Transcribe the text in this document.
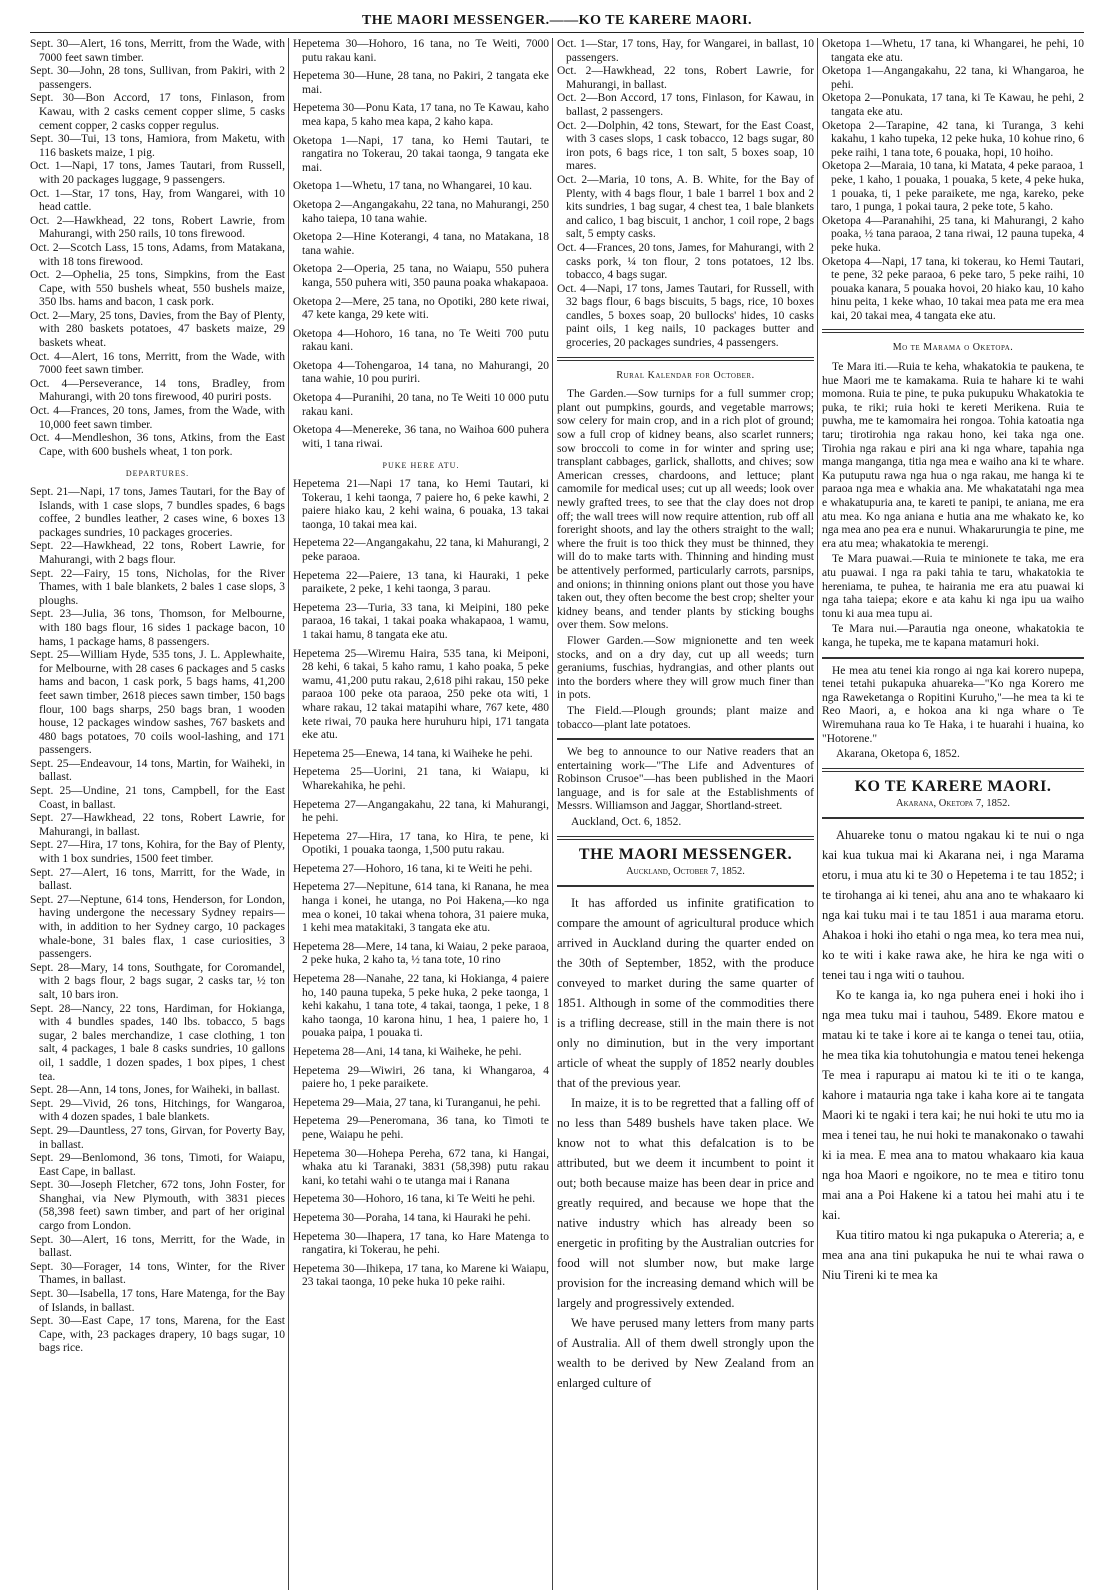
THE MAORI MESSENGER.——KO TE KARERE MAORI.
Sept. 30—Alert, 16 tons, Merritt, from the Wade, with 7000 feet sawn timber.
Sept. 30—John, 28 tons, Sullivan, from Pakiri, with 2 passengers.
Sept. 30—Bon Accord, 17 tons, Finlason, from Kawau, with 2 casks cement copper slime, 5 casks cement copper, 2 casks copper regulus.
Sept. 30—Tui, 13 tons, Hamiora, from Maketu, with 116 baskets maize, 1 pig.
Oct. 1—Napi, 17 tons, James Tautari, from Russell, with 20 packages luggage, 9 passengers.
Oct. 1—Star, 17 tons, Hay, from Wangarei, with 10 head cattle.
Oct. 2—Hawkhead, 22 tons, Robert Lawrie, from Mahurangi, with 250 rails, 10 tons firewood.
Oct. 2—Scotch Lass, 15 tons, Adams, from Matakana, with 18 tons firewood.
Oct. 2—Ophelia, 25 tons, Simpkins, from the East Cape, with 550 bushels wheat, 550 bushels maize, 350 lbs. hams and bacon, 1 cask pork.
Oct. 2—Mary, 25 tons, Davies, from the Bay of Plenty, with 280 baskets potatoes, 47 baskets maize, 29 baskets wheat.
Oct. 4—Alert, 16 tons, Merritt, from the Wade, with 7000 feet sawn timber.
Oct. 4—Perseverance, 14 tons, Bradley, from Mahurangi, with 20 tons firewood, 40 puriri posts.
Oct. 4—Frances, 20 tons, James, from the Wade, with 10,000 feet sawn timber.
Oct. 4—Mendleshon, 36 tons, Atkins, from the East Cape, with 600 bushels wheat, 1 ton pork.
DEPARTURES.
Sept. 21—Napi, 17 tons, James Tautari, for the Bay of Islands, with 1 case slops, 7 bundles spades, 6 bags coffee, 2 bundles leather, 2 cases wine, 6 boxes 13 packages sundries, 10 packages groceries.
Sept. 22—Hawkhead, 22 tons, Robert Lawrie, for Mahurangi, with 2 bags flour.
Sept. 22—Fairy, 15 tons, Nicholas, for the River Thames, with 1 bale blankets, 2 bales 1 case slops, 3 ploughs.
Sept. 23—Julia, 36 tons, Thomson, for Melbourne, with 180 bags flour, 16 sides 1 package bacon, 10 hams, 1 package hams, 8 passengers.
Sept. 25—William Hyde, 535 tons, J. L. Applewhaite, for Melbourne, with 28 cases 6 packages and 5 casks hams and bacon, 1 cask pork, 5 bags hams, 41,200 feet sawn timber, 2618 pieces sawn timber, 150 bags flour, 100 bags sharps, 250 bags bran, 1 wooden house, 12 packages window sashes, 767 baskets and 480 bags potatoes, 70 coils wool-lashing, and 171 passengers.
Sept. 25—Endeavour, 14 tons, Martin, for Waiheki, in ballast.
Sept. 25—Undine, 21 tons, Campbell, for the East Coast, in ballast.
Sept. 27—Hawkhead, 22 tons, Robert Lawrie, for Mahurangi, in ballast.
Sept. 27—Hira, 17 tons, Kohira, for the Bay of Plenty, with 1 box sundries, 1500 feet timber.
Sept. 27—Alert, 16 tons, Marritt, for the Wade, in ballast.
Sept. 27—Neptune, 614 tons, Henderson, for London, having undergone the necessary Sydney repairs—with, in addition to her Sydney cargo, 10 packages whale-bone, 31 bales flax, 1 case curiosities, 3 passengers.
Sept. 28—Mary, 14 tons, Southgate, for Coromandel, with 2 bags flour, 2 bags sugar, 2 casks tar, ½ ton salt, 10 bars iron.
Sept. 28—Nancy, 22 tons, Hardiman, for Hokianga, with 4 bundles spades, 140 lbs. tobacco, 5 bags sugar, 2 bales merchandize, 1 case clothing, 1 ton salt, 4 packages, 1 bale 8 casks sundries, 10 gallons oil, 1 saddle, 1 dozen spades, 1 box pipes, 1 chest tea.
Sept. 28—Ann, 14 tons, Jones, for Waiheki, in ballast.
Sept. 29—Vivid, 26 tons, Hitchings, for Wangaroa, with 4 dozen spades, 1 bale blankets.
Sept. 29—Dauntless, 27 tons, Girvan, for Poverty Bay, in ballast.
Sept. 29—Benlomond, 36 tons, Timoti, for Waiapu, East Cape, in ballast.
Sept. 30—Joseph Fletcher, 672 tons, John Foster, for Shanghai, via New Plymouth, with 3831 pieces (58,398 feet) sawn timber, and part of her original cargo from London.
Sept. 30—Alert, 16 tons, Merritt, for the Wade, in ballast.
Sept. 30—Forager, 14 tons, Winter, for the River Thames, in ballast.
Sept. 30—Isabella, 17 tons, Hare Matenga, for the Bay of Islands, in ballast.
Sept. 30—East Cape, 17 tons, Marena, for the East Cape, with, 23 packages drapery, 10 bags sugar, 10 bags rice.
Hepetema 30—Hohoro, 16 tana, no Te Weiti, 7000 putu rakau kani.
Hepetema 30—Hune, 28 tana, no Pakiri, 2 tangata eke mai.
Hepetema 30—Ponu Kata, 17 tana, no Te Kawau, kaho mea kapa, 5 kaho mea kapa, 2 kaho kapa.
Oketopa 1—Napi, 17 tana, ko Hemi Tautari, te rangatira no Tokerau, 20 takai taonga, 9 tangata eke mai.
Oketopa 1—Whetu, 17 tana, no Whangarei, 10 kau.
Oketopa 2—Angangakahu, 22 tana, no Mahurangi, 250 kaho taiepa, 10 tana wahie.
Oketopa 2—Hine Koterangi, 4 tana, no Matakana, 18 tana wahie.
Oketopa 2—Operia, 25 tana, no Waiapu, 550 puhera kanga, 550 puhera witi, 350 pauna poaka whakapaoa.
Oketopa 2—Mere, 25 tana, no Opotiki, 280 kete riwai, 47 kete kanga, 29 kete witi.
Oketopa 4—Hohoro, 16 tana, no Te Weiti 700 putu rakau kani.
Oketopa 4—Tohengaroa, 14 tana, no Mahurangi, 20 tana wahie, 10 pou puriri.
Oketopa 4—Puranihi, 20 tana, no Te Weiti 10 000 putu rakau kani.
Oketopa 4—Menereke, 36 tana, no Waihoa 600 puhera witi, 1 tana riwai.
PUKE HERE ATU.
Hepetema 21—Napi 17 tana, ko Hemi Tautari, ki Tokerau, 1 kehi taonga, 7 paiere ho, 6 peke kawhi, 2 paiere hiako kau, 2 kehi waina, 6 pouaka, 13 takai taonga, 10 takai mea kai.
Hepetema 22—Angangakahu, 22 tana, ki Mahurangi, 2 peke paraoa.
Hepetema 22—Paiere, 13 tana, ki Hauraki, 1 peke paraikete, 2 peke, 1 kehi taonga, 3 parau.
Hepetema 23—Turia, 33 tana, ki Meipini, 180 peke paraoa, 16 takai, 1 takai poaka whakapaoa, 1 wamu, 1 takai hamu, 8 tangata eke atu.
Hepetema 25—Wiremu Haira, 535 tana, ki Meiponi, 28 kehi, 6 takai, 5 kaho ramu, 1 kaho poaka, 5 peke wamu, 41,200 putu rakau, 2,618 pihi rakau, 150 peke paraoa 100 peke ota paraoa, 250 peke ota witi, 1 whare rakau, 12 takai matapihi whare, 767 kete, 480 kete riwai, 70 pauka here huruhuru hipi, 171 tangata eke atu.
Hepetema 25—Enewa, 14 tana, ki Waiheke he pehi.
Hepetema 25—Uorini, 21 tana, ki Waiapu, ki Wharekahika, he pehi.
Hepetema 27—Angangakahu, 22 tana, ki Mahurangi, he pehi.
Hepetema 27—Hira, 17 tana, ko Hira, te pene, ki Opotiki, 1 pouaka taonga, 1,500 putu rakau.
Hepetema 27—Hohoro, 16 tana, ki te Weiti he pehi.
Hepetema 27—Nepitune, 614 tana, ki Ranana, he mea hanga i konei, he utanga, no Poi Hakena,—ko nga mea o konei, 10 takai whena tohora, 31 paiere muka, 1 kehi mea matakitaki, 3 tangata eke atu.
Hepetema 28—Mere, 14 tana, ki Waiau, 2 peke paraoa, 2 peke huka, 2 kaho ta, ½ tana tote, 10 rino
Hepetema 28—Nanahe, 22 tana, ki Hokianga, 4 paiere ho, 140 pauna tupeka, 5 peke huka, 2 peke taonga, 1 kehi kakahu, 1 tana tote, 4 takai, taonga, 1 peke, 1 8 kaho taonga, 10 karona hinu, 1 hea, 1 paiere ho, 1 pouaka paipa, 1 pouaka ti.
Hepetema 28—Ani, 14 tana, ki Waiheke, he pehi.
Hepetema 29—Wiwiri, 26 tana, ki Whangaroa, 4 paiere ho, 1 peke paraikete.
Hepetema 29—Maia, 27 tana, ki Turanganui, he pehi.
Hepetema 29—Peneromana, 36 tana, ko Timoti te pene, Waiapu he pehi.
Hepetema 30—Hohepa Pereha, 672 tana, ki Hangai, whaka atu ki Taranaki, 3831 (58,398) putu rakau kani, ko tetahi wahi o te utanga mai i Ranana
Hepetema 30—Hohoro, 16 tana, ki Te Weiti he pehi.
Hepetema 30—Poraha, 14 tana, ki Hauraki he pehi.
Hepetema 30—Ihapera, 17 tana, ko Hare Matenga to rangatira, ki Tokerau, he pehi.
Hepetema 30—Ihikepa, 17 tana, ko Marene ki Waiapu, 23 takai taonga, 10 peke huka 10 peke raihi.
Oct. 1—Star, 17 tons, Hay, for Wangarei, in ballast, 10 passengers.
Oct. 2—Hawkhead, 22 tons, Robert Lawrie, for Mahurangi, in ballast.
Oct. 2—Bon Accord, 17 tons, Finlason, for Kawau, in ballast, 2 passengers.
Oct. 2—Dolphin, 42 tons, Stewart, for the East Coast, with 3 cases slops, 1 cask tobacco, 12 bags sugar, 80 iron pots, 6 bags rice, 1 ton salt, 5 boxes soap, 10 mares.
Oct. 2—Maria, 10 tons, A. B. White, for the Bay of Plenty, with 4 bags flour, 1 bale 1 barrel 1 box and 2 kits sundries, 1 bag sugar, 4 chest tea, 1 bale blankets and calico, 1 bag biscuit, 1 anchor, 1 coil rope, 2 bags salt, 5 empty casks.
Oct. 4—Frances, 20 tons, James, for Mahurangi, with 2 casks pork, ¼ ton flour, 2 tons potatoes, 12 lbs. tobacco, 4 bags sugar.
Oct. 4—Napi, 17 tons, James Tautari, for Russell, with 32 bags flour, 6 bags biscuits, 5 bags, rice, 10 boxes candles, 5 boxes soap, 20 bullocks' hides, 10 casks paint oils, 1 keg nails, 10 packages butter and groceries, 20 packages sundries, 4 passengers.
Rural Kalendar for October.
The Garden.—Sow turnips for a full summer crop; plant out pumpkins, gourds, and vegetable marrows; sow celery for main crop, and in a rich plot of ground; sow a full crop of kidney beans, also scarlet runners; sow broccoli to come in for winter and spring use; transplant cabbages, garlick, shallotts, and chives; sow American cresses, chardoons, and lettuce; plant camomile for medical uses; cut up all weeds; look over newly grafted trees, to see that the clay does not drop off; the wall trees will now require attention, rub off all foreright shoots, and lay the others straight to the wall; where the fruit is too thick they must be thinned, they will do to make tarts with. Thinning and hinding must be attentively performed, particularly carrots, parsnips, and onions; in thinning onions plant out those you have taken out, they often become the best crop; shelter your kidney beans, and tender plants by sticking boughs over them. Sow melons.
Flower Garden.—Sow mignionette and ten week stocks, and on a dry day, cut up all weeds; turn geraniums, fuschias, hydrangias, and other plants out into the borders where they will grow much finer than in pots.
The Field.—Plough grounds; plant maize and tobacco—plant late potatoes.

We beg to announce to our Native readers that an entertaining work—"The Life and Adventures of Robinson Crusoe"—has been published in the Maori language, and is for sale at the Establishments of Messrs. Williamson and Jaggar, Shortland-street.

Auckland, Oct. 6, 1852.

THE MAORI MESSENGER.
Auckland, October 7, 1852.

It has afforded us infinite gratification to compare the amount of agricultural produce which arrived in Auckland during the quarter ended on the 30th of September, 1852, with the produce conveyed to market during the same quarter of 1851. Although in some of the commodities there is a trifling decrease, still in the main there is not only no diminution, but in the very important article of wheat the supply of 1852 nearly doubles that of the previous year.

In maize, it is to be regretted that a falling off of no less than 5489 bushels have taken place. We know not to what this defalcation is to be attributed, but we deem it incumbent to point it out; both because maize has been dear in price and greatly required, and because we hope that the native industry which has already been so energetic in profiting by the Australian outcries for food will not slumber now, but make large provision for the increasing demand which will be largely and progressively extended.

We have perused many letters from many parts of Australia. All of them dwell strongly upon the wealth to be derived by New Zealand from an enlarged culture of

Oketopa 1—Whetu, 17 tana, ki Whangarei, he pehi, 10 tangata eke atu.
Oketopa 1—Angangakahu, 22 tana, ki Whangaroa, he pehi.
Oketopa 2—Ponukata, 17 tana, ki Te Kawau, he pehi, 2 tangata eke atu.
Oketopa 2—Tarapine, 42 tana, ki Turanga, 3 kehi kakahu, 1 kaho tupeka, 12 peke huka, 10 kohue rino, 6 peke raihi, 1 tana tote, 6 pouaka, hopi, 10 hoiho.
Oketopa 2—Maraia, 10 tana, ki Matata, 4 peke paraoa, 1 peke, 1 kaho, 1 pouaka, 1 pouaka, 5 kete, 4 peke huka, 1 pouaka, ti, 1 peke paraikete, me nga, kareko, peke taro, 1 punga, 1 pokai taura, 2 peke tote, 5 kaho.
Oketopa 4—Paranahihi, 25 tana, ki Mahurangi, 2 kaho poaka, ½ tana paraoa, 2 tana riwai, 12 pauna tupeka, 4 peke huka.
Oketopa 4—Napi, 17 tana, ki tokerau, ko Hemi Tautari, te pene, 32 peke paraoa, 6 peke taro, 5 peke raihi, 10 pouaka kanara, 5 pouaka hovoi, 20 hiako kau, 10 kaho hinu peita, 1 keke whao, 10 takai mea pata me era mea kai, 20 takai mea, 4 tangata eke atu.
Mo te Marama o Oketopa.
Te Mara iti.—Ruia te keha, whakatokia te paukena, te hue Maori me te kamakama. Ruia te hahare ki te wahi momona. Ruia te pine, te puka pukupuku Whakatokia te puka, te riki; ruia hoki te kereti Merikena. Ruia te puwha, me te kamomaira hei rongoa. Tohia katoatia nga taru; tirotirohia nga rakau hono, kei taka nga one. Tirohia nga rakau e piri ana ki nga whare, tapahia nga manga manganga, titia nga mea e waiho ana ki te whare. Ka putuputu rawa nga hua o nga rakau, me hanga ki te paraoa nga mea e whakia ana. Me whakatatahi nga mea e whakatupuria ana, te kareti te panipi, te aniana, me era atu mea. Ko nga aniana e hutia ana me whakato ke, ko nga mea ano pea era e nunui. Whakarurungia te pine, me era atu mea; whakatokia te merengi.
Te Mara puawai.—Ruia te minionete te taka, me era atu puawai. I nga ra paki tahia te taru, whakatokia te hereniama, te puhea, te hairania me era atu puawai ki nga taha taiepa; ekore e ata kahu ki nga ipu ua waiho tonu ki aua mea tupu ai.
Te Mara nui.—Parautia nga oneone, whakatokia te kanga, he tupeka, me te kapana matamuri hoki.

He mea atu tenei kia rongo ai nga kai korero nupepa, tenei tetahi pukapuka ahuareka—"Ko nga Korero me nga Raweketanga o Ropitini Kuruho,"—he mea ta ki te Reo Maori, a, e hokoa ana ki nga whare o Te Wiremuhana raua ko Te Haka, i te huarahi i huaina, ko "Hotorene."

Akarana, Oketopa 6, 1852.

KO TE KARERE MAORI.
Akarana, Oketopa 7, 1852.

Ahuareke tonu o matou ngakau ki te nui o nga kai kua tukua mai ki Akarana nei, i nga Marama etoru, i mua atu ki te 30 o Hepetema i te tau 1852; i te tirohanga ai ki tenei, ahu ana ano te whakaaro ki nga kai tuku mai i te tau 1851 i aua marama etoru. Ahakoa i hoki iho etahi o nga mea, ko tera mea nui, ko te witi i kake rawa ake, he hira ke nga witi o tenei tau i nga witi o tauhou.

Ko te kanga ia, ko nga puhera enei i hoki iho i nga mea tuku mai i tauhou, 5489. Ekore matou e matau ki te take i kore ai te kanga o tenei tau, otiia, he mea tika kia tohutohungia e matou tenei hekenga Te mea i rapurapu ai matou ki te iti o te kanga, kahore i matauria nga take i kaha kore ai te tangata Maori ki te ngaki i tera kai; he nui hoki te utu mo ia mea i tenei tau, he nui hoki te manakonako o tawahi ki ia mea. E mea ana to matou whakaaro kia kaua nga hoa Maori e ngoikore, no te mea e titiro tonu mai ana a Poi Hakene ki a tatou hei mahi atu i te kai.

Kua titiro matou ki nga pukapuka o Atereria; a, e mea ana ana tini pukapuka he nui te whai rawa o Niu Tireni ki te mea ka
